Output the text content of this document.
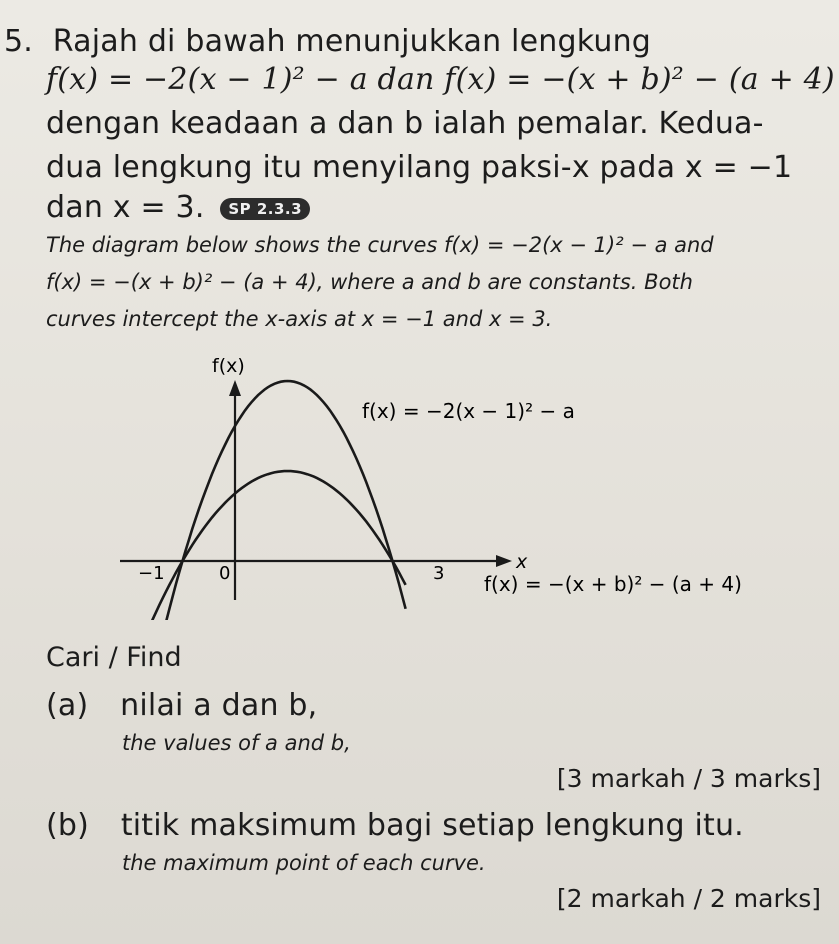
5. Rajah di bawah menunjukkan lengkung
f(x) = −2(x − 1)² − a dan f(x) = −(x + b)² − (a + 4)
dengan keadaan a dan b ialah pemalar. Kedua-
dua lengkung itu menyilang paksi-x pada x = −1
dan x = 3. SP 2.3.3
The diagram below shows the curves f(x) = −2(x − 1)² − a and
f(x) = −(x + b)² − (a + 4), where a and b are constants. Both
curves intercept the x-axis at x = −1 and x = 3.
f(x)
x
0
−1	3
f(x) = −2(x − 1)² − a
f(x) = −(x + b)² − (a + 4)
Cari / Find
(a) nilai a dan b,
the values of a and b,
[3 markah / 3 marks]
(b) titik maksimum bagi setiap lengkung itu.
the maximum point of each curve.
[2 markah / 2 marks]
